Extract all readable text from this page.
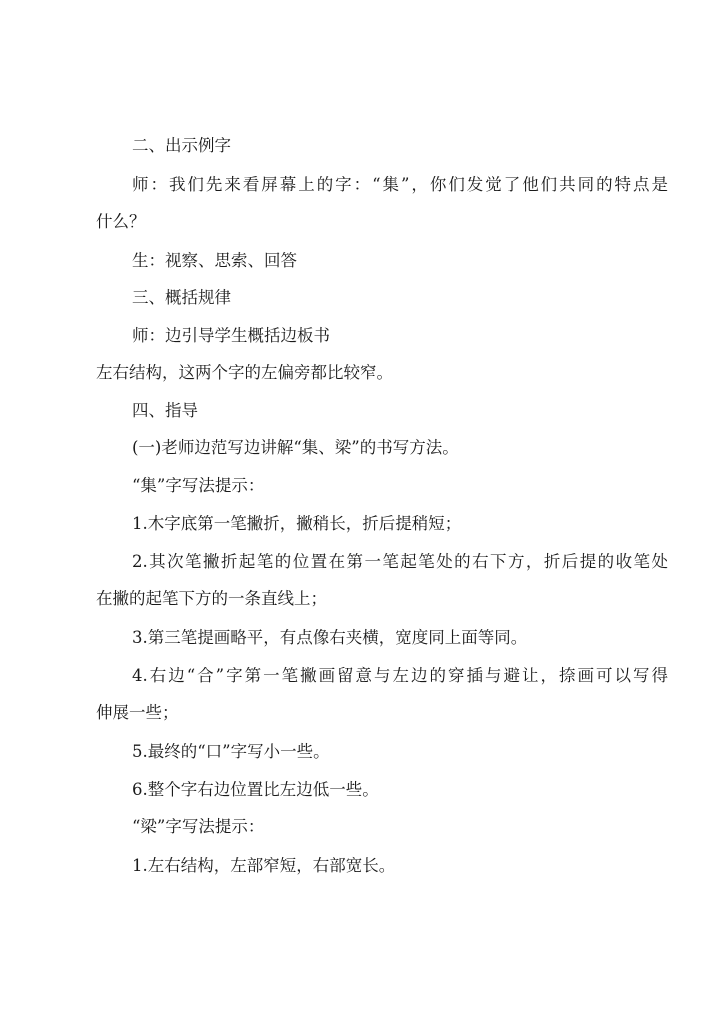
二、出示例字
师：我们先来看屏幕上的字：“集”，你们发觉了他们共同的特点是
什么？
生：视察、思索、回答
三、概括规律
师：边引导学生概括边板书
左右结构，这两个字的左偏旁都比较窄。
四、指导
(一)老师边范写边讲解“集、梁”的书写方法。
“集”字写法提示：
1.木字底第一笔撇折，撇稍长，折后提稍短；
2.其次笔撇折起笔的位置在第一笔起笔处的右下方，折后提的收笔处
在撇的起笔下方的一条直线上；
3.第三笔提画略平，有点像右夹横，宽度同上面等同。
4.右边“合”字第一笔撇画留意与左边的穿插与避让，捺画可以写得
伸展一些；
5.最终的“口”字写小一些。
6.整个字右边位置比左边低一些。
“梁”字写法提示：
1.左右结构，左部窄短，右部宽长。
